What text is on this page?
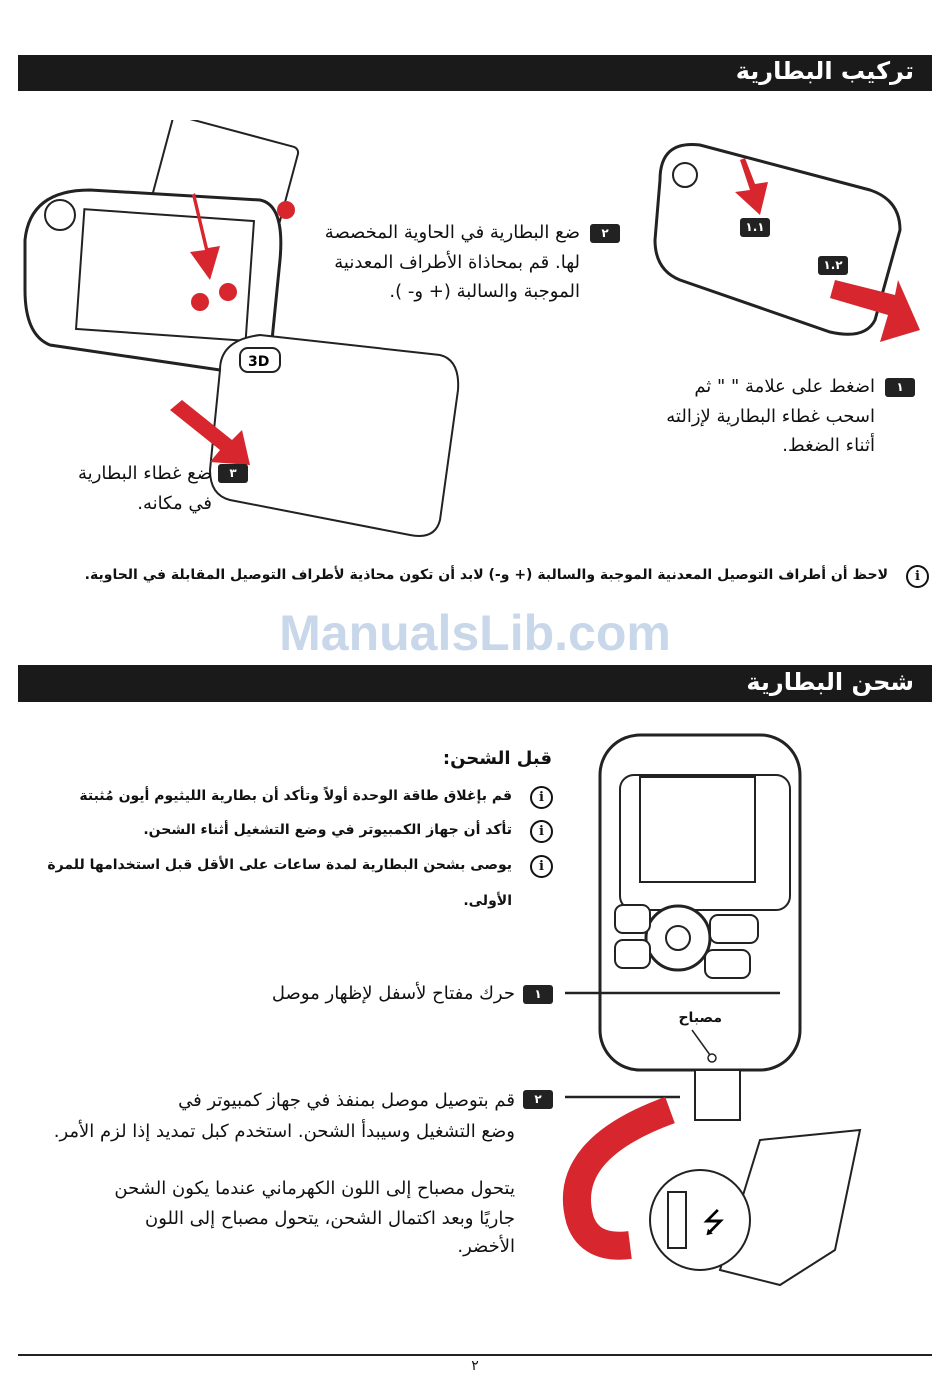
تركيب البطارية
3D
١.١
١.٢
٢
ضع البطارية في الحاوية المخصصة
لها. قم بمحاذاة الأطراف المعدنية
الموجبة والسالبة (+ و- ).
١
اضغط على علامة " " ثم
اسحب غطاء البطارية لإزالته
أثناء الضغط.
٣
ضع غطاء البطارية
في مكانه.
i
لاحظ أن أطراف التوصيل المعدنية الموجبة والسالبة (+ و-) لابد أن تكون محاذية لأطراف التوصيل المقابلة في الحاوية.
ManualsLib.com
شحن البطارية
قبل الشحن:
i
قم بإغلاق طاقة الوحدة أولاً وتأكد أن بطارية الليثيوم أيون مُثبتة
i
تأكد أن جهاز الكمبيوتر في وضع التشغيل أثناء الشحن.
i
يوصى بشحن البطارية لمدة ساعات على الأقل قبل استخدامها للمرة
الأولى.
⭍
مصباح
١
حرك مفتاح لأسفل لإظهار موصل
٢
قم بتوصيل موصل بمنفذ في جهاز كمبيوتر في
وضع التشغيل وسيبدأ الشحن. استخدم كبل تمديد إذا لزم الأمر.
يتحول مصباح إلى اللون الكهرماني عندما يكون الشحن
جاريًا وبعد اكتمال الشحن، يتحول مصباح إلى اللون
الأخضر.
٢
